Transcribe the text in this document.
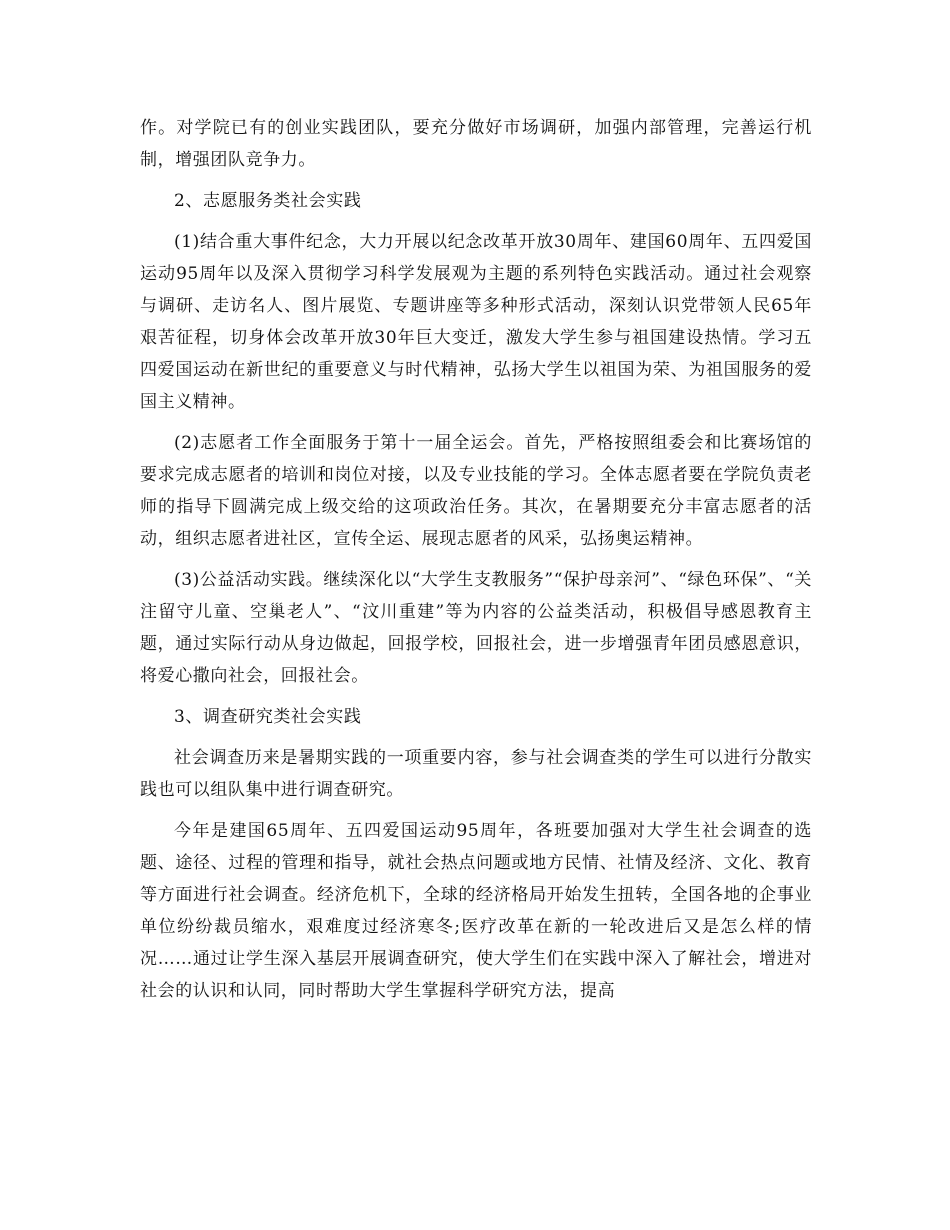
作。对学院已有的创业实践团队，要充分做好市场调研，加强内部管理，完善运行机制，增强团队竞争力。

2、志愿服务类社会实践

(1)结合重大事件纪念，大力开展以纪念改革开放30周年、建国60周年、五四爱国运动95周年以及深入贯彻学习科学发展观为主题的系列特色实践活动。通过社会观察与调研、走访名人、图片展览、专题讲座等多种形式活动，深刻认识党带领人民65年艰苦征程，切身体会改革开放30年巨大变迁，激发大学生参与祖国建设热情。学习五四爱国运动在新世纪的重要意义与时代精神，弘扬大学生以祖国为荣、为祖国服务的爱国主义精神。

(2)志愿者工作全面服务于第十一届全运会。首先，严格按照组委会和比赛场馆的要求完成志愿者的培训和岗位对接，以及专业技能的学习。全体志愿者要在学院负责老师的指导下圆满完成上级交给的这项政治任务。其次，在暑期要充分丰富志愿者的活动，组织志愿者进社区，宣传全运、展现志愿者的风采，弘扬奥运精神。

(3)公益活动实践。继续深化以“大学生支教服务”“保护母亲河”、“绿色环保”、“关注留守儿童、空巢老人”、“汶川重建”等为内容的公益类活动，积极倡导感恩教育主题，通过实际行动从身边做起，回报学校，回报社会，进一步增强青年团员感恩意识，将爱心撒向社会，回报社会。

3、调查研究类社会实践

社会调查历来是暑期实践的一项重要内容，参与社会调查类的学生可以进行分散实践也可以组队集中进行调查研究。

今年是建国65周年、五四爱国运动95周年，各班要加强对大学生社会调查的选题、途径、过程的管理和指导，就社会热点问题或地方民情、社情及经济、文化、教育等方面进行社会调查。经济危机下，全球的经济格局开始发生扭转，全国各地的企事业单位纷纷裁员缩水，艰难度过经济寒冬;医疗改革在新的一轮改进后又是怎么样的情况……通过让学生深入基层开展调查研究，使大学生们在实践中深入了解社会，增进对社会的认识和认同，同时帮助大学生掌握科学研究方法，提高
